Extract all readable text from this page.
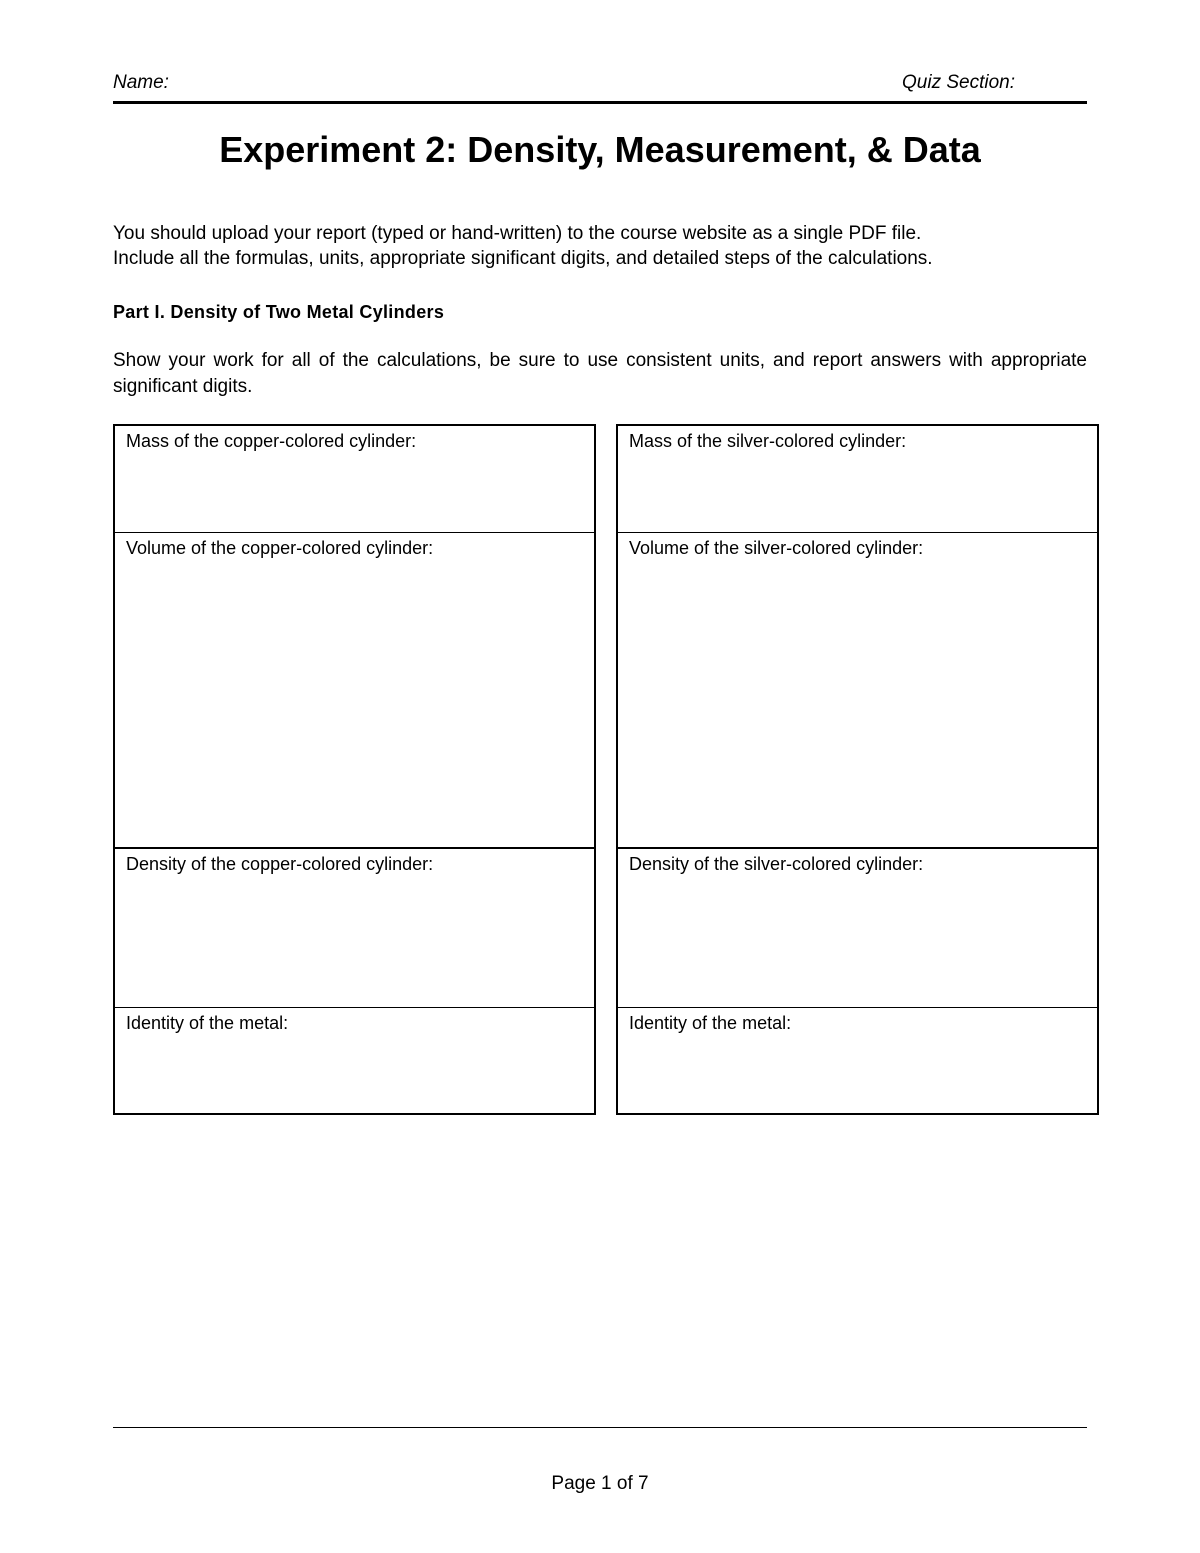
Name:	Quiz Section:
Experiment 2: Density, Measurement, & Data
You should upload your report (typed or hand-written) to the course website as a single PDF file.
Include all the formulas, units, appropriate significant digits, and detailed steps of the calculations.
Part I. Density of Two Metal Cylinders
Show your work for all of the calculations, be sure to use consistent units, and report answers with appropriate significant digits.
Mass of the copper-colored cylinder:
Volume of the copper-colored cylinder:
Density of the copper-colored cylinder:
Identity of the metal:
Mass of the silver-colored cylinder:
Volume of the silver-colored cylinder:
Density of the silver-colored cylinder:
Identity of the metal:
Page 1 of 7
